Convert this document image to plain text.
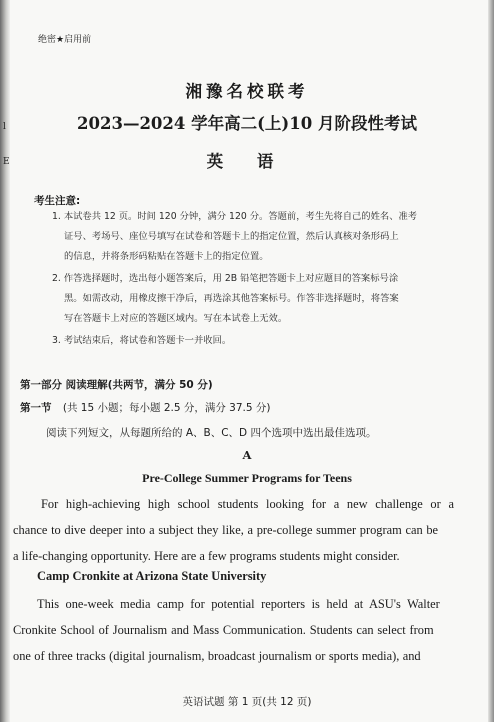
l
E
绝密★启用前
湘豫名校联考
2023—2024 学年高二(上)10 月阶段性考试
英 语
考生注意:
1. 本试卷共 12 页。时间 120 分钟，满分 120 分。答题前，考生先将自己的姓名、准考
证号、考场号、座位号填写在试卷和答题卡上的指定位置，然后认真核对条形码上
的信息，并将条形码粘贴在答题卡上的指定位置。
2. 作答选择题时，选出每小题答案后，用 2B 铅笔把答题卡上对应题目的答案标号涂
黑。如需改动，用橡皮擦干净后，再选涂其他答案标号。作答非选择题时，将答案
写在答题卡上对应的答题区域内。写在本试卷上无效。
3. 考试结束后，将试卷和答题卡一并收回。
第一部分 阅读理解(共两节，满分 50 分)
第一节 (共 15 小题；每小题 2.5 分，满分 37.5 分)
阅读下列短文，从每题所给的 A、B、C、D 四个选项中选出最佳选项。
A
Pre-College Summer Programs for Teens
For high-achieving high school students looking for a new challenge or a
chance to dive deeper into a subject they like, a pre-college summer program can be
a life-changing opportunity. Here are a few programs students might consider.
Camp Cronkite at Arizona State University
This one-week media camp for potential reporters is held at ASU's Walter
Cronkite School of Journalism and Mass Communication. Students can select from
one of three tracks (digital journalism, broadcast journalism or sports media), and
英语试题 第 1 页(共 12 页)
